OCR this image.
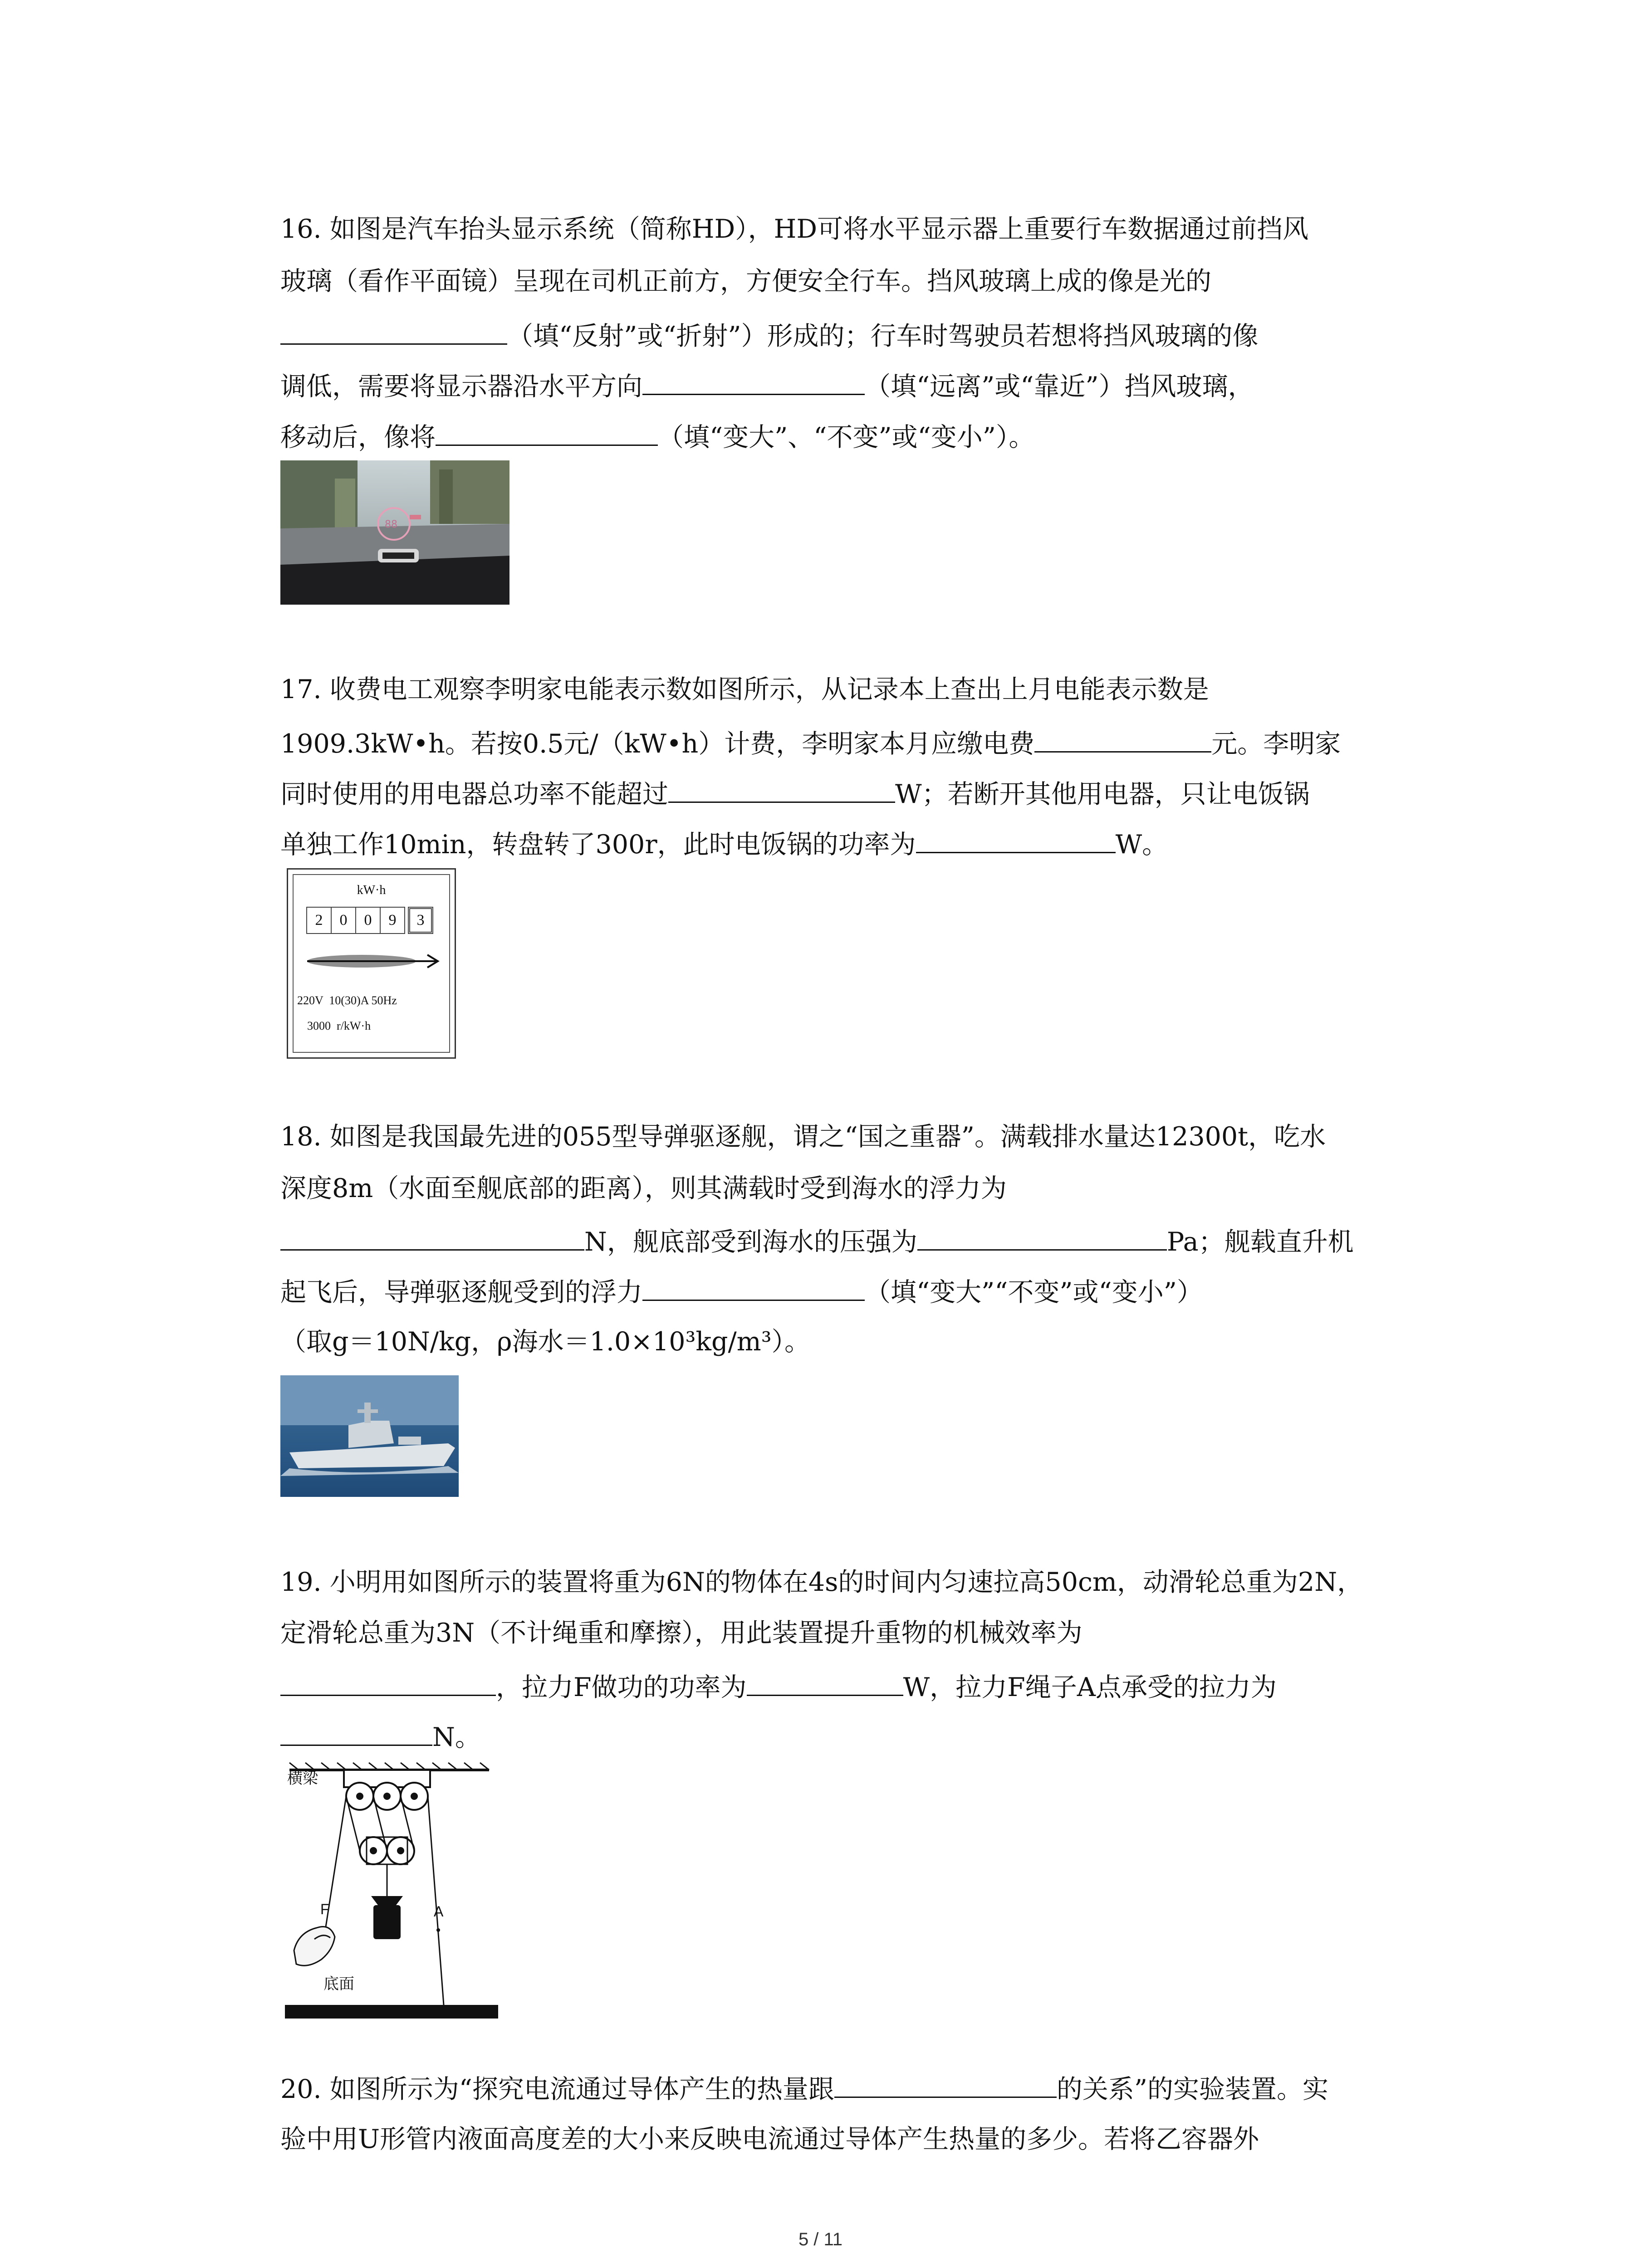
16. 如图是汽车抬头显示系统（简称HD），HD可将水平显示器上重要行车数据通过前挡风
玻璃（看作平面镜）呈现在司机正前方，方便安全行车。挡风玻璃上成的像是光的
（填“反射”或“折射”）形成的；行车时驾驶员若想将挡风玻璃的像
调低，需要将显示器沿水平方向	（填“远离”或“靠近”）挡风玻璃，
移动后，像将	（填“变大”、“不变”或“变小”）。
88
17. 收费电工观察李明家电能表示数如图所示，从记录本上查出上月电能表示数是
1909.3kW•h。若按0.5元/（kW•h）计费，李明家本月应缴电费	元。李明家
同时使用的用电器总功率不能超过	W；若断开其他用电器，只让电饭锅
单独工作10min，转盘转了300r，此时电饭锅的功率为	W。
kW·h
2	0	0	9	3
220V  10(30)A 50Hz
3000  r/kW·h
18. 如图是我国最先进的055型导弹驱逐舰，谓之“国之重器”。满载排水量达12300t，吃水
深度8m（水面至舰底部的距离），则其满载时受到海水的浮力为
N，舰底部受到海水的压强为	Pa；舰载直升机
起飞后，导弹驱逐舰受到的浮力	（填“变大”“不变”或“变小”）
（取g＝10N/kg，ρ海水＝1.0×10³kg/m³）。
19. 小明用如图所示的装置将重为6N的物体在4s的时间内匀速拉高50cm，动滑轮总重为2N，
定滑轮总重为3N（不计绳重和摩擦），用此装置提升重物的机械效率为
，拉力F做功的功率为	W，拉力F绳子A点承受的拉力为
N。
横梁
F	A
底面
20. 如图所示为“探究电流通过导体产生的热量跟	的关系”的实验装置。实
验中用U形管内液面高度差的大小来反映电流通过导体产生热量的多少。若将乙容器外
5 / 11
